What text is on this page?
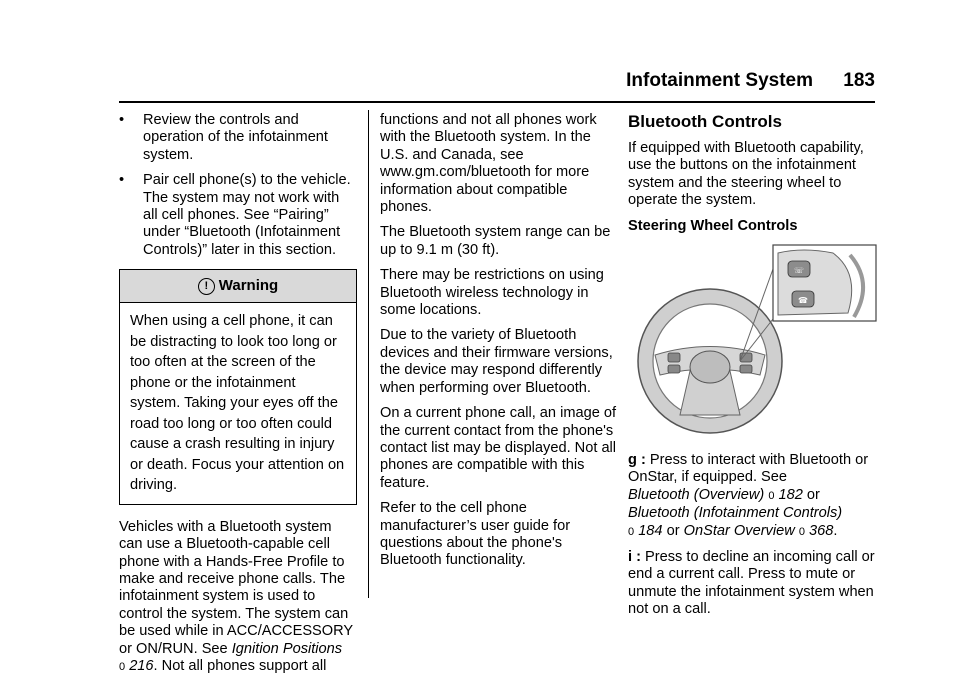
Infotainment System 183
• Review the controls and operation of the infotainment system.
• Pair cell phone(s) to the vehicle. The system may not work with all cell phones. See “Pairing” under “Bluetooth (Infotainment Controls)” later in this section.
! Warning
When using a cell phone, it can be distracting to look too long or too often at the screen of the phone or the infotainment system. Taking your eyes off the road too long or too often could cause a crash resulting in injury or death. Focus your attention on driving.

Vehicles with a Bluetooth system can use a Bluetooth-capable cell phone with a Hands-Free Profile to make and receive phone calls. The infotainment system is used to control the system. The system can be used while in ACC/ACCESSORY or ON/RUN. See Ignition Positions
0 216. Not all phones support all

functions and not all phones work with the Bluetooth system. In the U.S. and Canada, see www.gm.com/bluetooth for more information about compatible phones.

The Bluetooth system range can be up to 9.1 m (30 ft).

There may be restrictions on using Bluetooth wireless technology in some locations.

Due to the variety of Bluetooth devices and their firmware versions, the device may respond differently when performing over Bluetooth.

On a current phone call, an image of the current contact from the phone's contact list may be displayed. Not all phones are compatible with this feature.

Refer to the cell phone manufacturer’s user guide for questions about the phone's Bluetooth functionality.

Bluetooth Controls

If equipped with Bluetooth capability, use the buttons on the infotainment system and the steering wheel to operate the system.

Steering Wheel Controls

☏
☎

g : Press to interact with Bluetooth or OnStar, if equipped. See
Bluetooth (Overview) 0 182 or
Bluetooth (Infotainment Controls)
0 184 or OnStar Overview 0 368.

i : Press to decline an incoming call or end a current call. Press to mute or unmute the infotainment system when not on a call.
